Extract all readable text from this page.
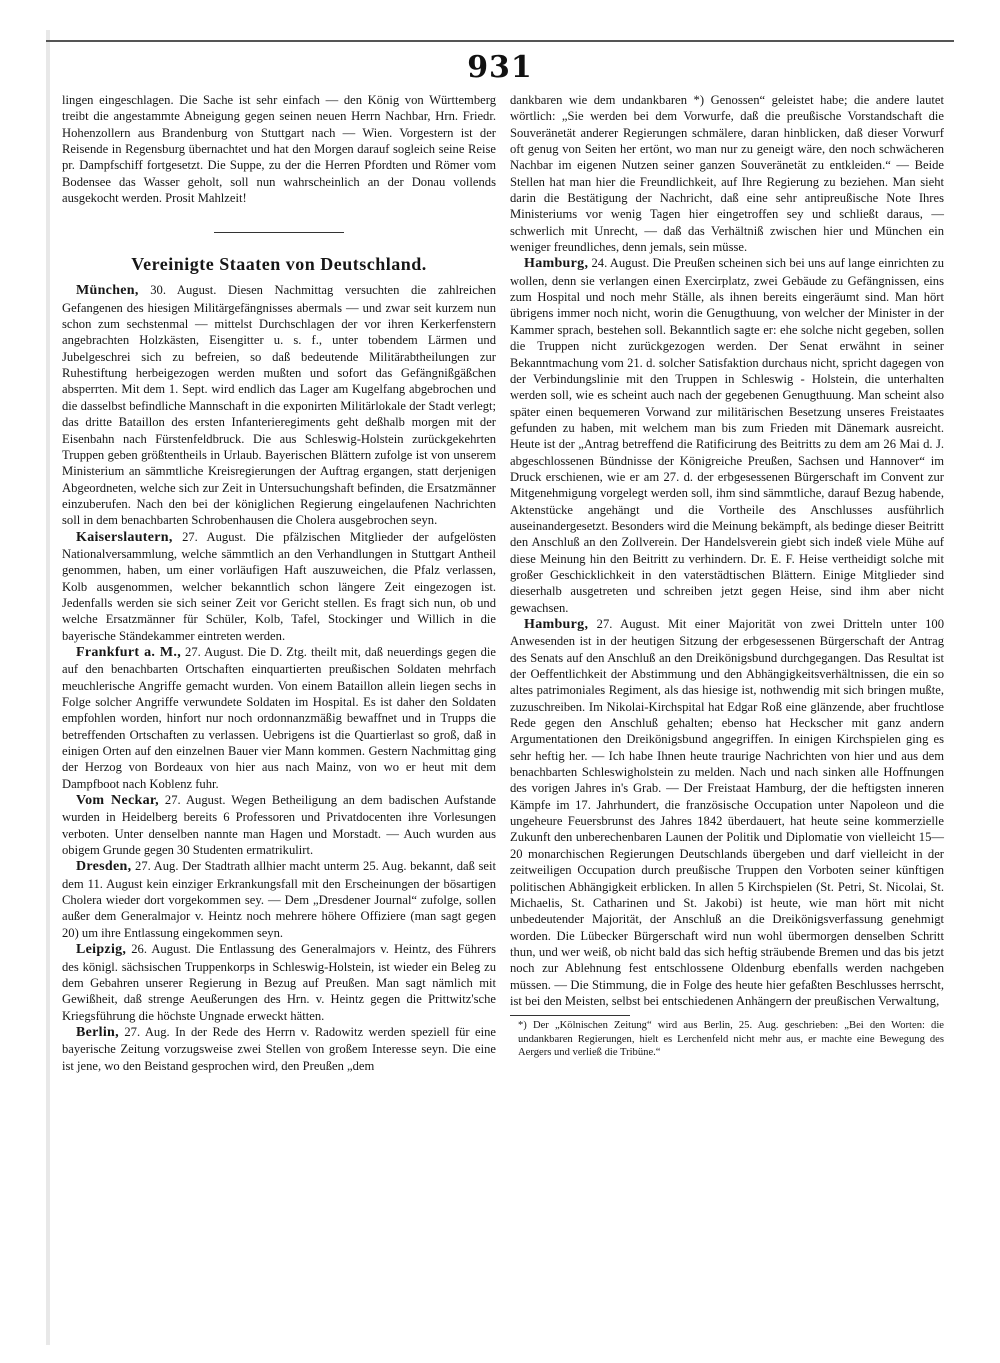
931

lingen eingeschlagen. Die Sache ist sehr einfach — den König von Württemberg treibt die angestammte Abneigung gegen seinen neuen Herrn Nachbar, Hrn. Friedr. Hohenzollern aus Brandenburg von Stuttgart nach — Wien. Vorgestern ist der Reisende in Regensburg übernachtet und hat den Morgen darauf sogleich seine Reise pr. Dampfschiff fortgesetzt. Die Suppe, zu der die Herren Pfordten und Römer vom Bodensee das Wasser geholt, soll nun wahrscheinlich an der Donau vollends ausgekocht werden. Prosit Mahlzeit!

Vereinigte Staaten von Deutschland.

München, 30. August. Diesen Nachmittag versuchten die zahlreichen Gefangenen des hiesigen Militärgefängnisses abermals — und zwar seit kurzem nun schon zum sechstenmal — mittelst Durchschlagen der vor ihren Kerkerfenstern angebrachten Holzkästen, Eisengitter u. s. f., unter tobendem Lärmen und Jubelgeschrei sich zu befreien, so daß bedeutende Militärabtheilungen zur Ruhestiftung herbeigezogen werden mußten und sofort das Gefängnißgäßchen absperrten. Mit dem 1. Sept. wird endlich das Lager am Kugelfang abgebrochen und die dasselbst befindliche Mannschaft in die exponirten Militärlokale der Stadt verlegt; das dritte Bataillon des ersten Infanterieregiments geht deßhalb morgen mit der Eisenbahn nach Fürstenfeldbruck. Die aus Schleswig-Holstein zurückgekehrten Truppen geben größtentheils in Urlaub. Bayerischen Blättern zufolge ist von unserem Ministerium an sämmtliche Kreisregierungen der Auftrag ergangen, statt derjenigen Abgeordneten, welche sich zur Zeit in Untersuchungshaft befinden, die Ersatzmänner einzuberufen. Nach den bei der königlichen Regierung eingelaufenen Nachrichten soll in dem benachbarten Schrobenhausen die Cholera ausgebrochen seyn.

Kaiserslautern, 27. August. Die pfälzischen Mitglieder der aufgelösten Nationalversammlung, welche sämmtlich an den Verhandlungen in Stuttgart Antheil genommen, haben, um einer vorläufigen Haft auszuweichen, die Pfalz verlassen, Kolb ausgenommen, welcher bekanntlich schon längere Zeit eingezogen ist. Jedenfalls werden sie sich seiner Zeit vor Gericht stellen. Es fragt sich nun, ob und welche Ersatzmänner für Schüler, Kolb, Tafel, Stockinger und Willich in die bayerische Ständekammer eintreten werden.

Frankfurt a. M., 27. August. Die D. Ztg. theilt mit, daß neuerdings gegen die auf den benachbarten Ortschaften einquartierten preußischen Soldaten mehrfach meuchlerische Angriffe gemacht wurden. Von einem Bataillon allein liegen sechs in Folge solcher Angriffe verwundete Soldaten im Hospital. Es ist daher den Soldaten empfohlen worden, hinfort nur noch ordonnanzmäßig bewaffnet und in Trupps die betreffenden Ortschaften zu verlassen. Uebrigens ist die Quartierlast so groß, daß in einigen Orten auf den einzelnen Bauer vier Mann kommen. Gestern Nachmittag ging der Herzog von Bordeaux von hier aus nach Mainz, von wo er heut mit dem Dampfboot nach Koblenz fuhr.

Vom Neckar, 27. August. Wegen Betheiligung an dem badischen Aufstande wurden in Heidelberg bereits 6 Professoren und Privatdocenten ihre Vorlesungen verboten. Unter denselben nannte man Hagen und Morstadt. — Auch wurden aus obigem Grunde gegen 30 Studenten ermatrikulirt.

Dresden, 27. Aug. Der Stadtrath allhier macht unterm 25. Aug. bekannt, daß seit dem 11. August kein einziger Erkrankungsfall mit den Erscheinungen der bösartigen Cholera wieder dort vorgekommen sey. — Dem „Dresdener Journal“ zufolge, sollen außer dem Generalmajor v. Heintz noch mehrere höhere Offiziere (man sagt gegen 20) um ihre Entlassung eingekommen seyn.

Leipzig, 26. August. Die Entlassung des Generalmajors v. Heintz, des Führers des königl. sächsischen Truppenkorps in Schleswig-Holstein, ist wieder ein Beleg zu dem Gebahren unserer Regierung in Bezug auf Preußen. Man sagt nämlich mit Gewißheit, daß strenge Aeußerungen des Hrn. v. Heintz gegen die Prittwitz'sche Kriegsführung die höchste Ungnade erweckt hätten.

Berlin, 27. Aug. In der Rede des Herrn v. Radowitz werden speziell für eine bayerische Zeitung vorzugsweise zwei Stellen von großem Interesse seyn. Die eine ist jene, wo den Beistand gesprochen wird, den Preußen „dem

dankbaren wie dem undankbaren *) Genossen“ geleistet habe; die andere lautet wörtlich: „Sie werden bei dem Vorwurfe, daß die preußische Vorstandschaft die Souveränetät anderer Regierungen schmälere, daran hinblicken, daß dieser Vorwurf oft genug von Seiten her ertönt, wo man nur zu geneigt wäre, den noch schwächeren Nachbar im eigenen Nutzen seiner ganzen Souveränetät zu entkleiden.“ — Beide Stellen hat man hier die Freundlichkeit, auf Ihre Regierung zu beziehen. Man sieht darin die Bestätigung der Nachricht, daß eine sehr antipreußische Note Ihres Ministeriums vor wenig Tagen hier eingetroffen sey und schließt daraus, — schwerlich mit Unrecht, — daß das Verhältniß zwischen hier und München ein weniger freundliches, denn jemals, sein müsse.

Hamburg, 24. August. Die Preußen scheinen sich bei uns auf lange einrichten zu wollen, denn sie verlangen einen Exercirplatz, zwei Gebäude zu Gefängnissen, eins zum Hospital und noch mehr Ställe, als ihnen bereits eingeräumt sind. Man hört übrigens immer noch nicht, worin die Genugthuung, von welcher der Minister in der Kammer sprach, bestehen soll. Bekanntlich sagte er: ehe solche nicht gegeben, sollen die Truppen nicht zurückgezogen werden. Der Senat erwähnt in seiner Bekanntmachung vom 21. d. solcher Satisfaktion durchaus nicht, spricht dagegen von der Verbindungslinie mit den Truppen in Schleswig - Holstein, die unterhalten werden soll, wie es scheint auch nach der gegebenen Genugthuung. Man scheint also später einen bequemeren Vorwand zur militärischen Besetzung unseres Freistaates gefunden zu haben, mit welchem man bis zum Frieden mit Dänemark ausreicht. Heute ist der „Antrag betreffend die Ratificirung des Beitritts zu dem am 26 Mai d. J. abgeschlossenen Bündnisse der Königreiche Preußen, Sachsen und Hannover“ im Druck erschienen, wie er am 27. d. der erbgesessenen Bürgerschaft im Convent zur Mitgenehmigung vorgelegt werden soll, ihm sind sämmtliche, darauf Bezug habende, Aktenstücke angehängt und die Vortheile des Anschlusses ausführlich auseinandergesetzt. Besonders wird die Meinung bekämpft, als bedinge dieser Beitritt den Anschluß an den Zollverein. Der Handelsverein giebt sich indeß viele Mühe auf diese Meinung hin den Beitritt zu verhindern. Dr. E. F. Heise vertheidigt solche mit großer Geschicklichkeit in den vaterstädtischen Blättern. Einige Mitglieder sind dieserhalb ausgetreten und schreiben jetzt gegen Heise, sind ihm aber nicht gewachsen.

Hamburg, 27. August. Mit einer Majorität von zwei Dritteln unter 100 Anwesenden ist in der heutigen Sitzung der erbgesessenen Bürgerschaft der Antrag des Senats auf den Anschluß an den Dreikönigsbund durchgegangen. Das Resultat ist der Oeffentlichkeit der Abstimmung und den Abhängigkeitsverhältnissen, die ein so altes patrimoniales Regiment, als das hiesige ist, nothwendig mit sich bringen mußte, zuzuschreiben. Im Nikolai-Kirchspital hat Edgar Roß eine glänzende, aber fruchtlose Rede gegen den Anschluß gehalten; ebenso hat Heckscher mit ganz andern Argumentationen den Dreikönigsbund angegriffen. In einigen Kirchspielen ging es sehr heftig her. — Ich habe Ihnen heute traurige Nachrichten von hier und aus dem benachbarten Schleswigholstein zu melden. Nach und nach sinken alle Hoffnungen des vorigen Jahres in's Grab. — Der Freistaat Hamburg, der die heftigsten inneren Kämpfe im 17. Jahrhundert, die französische Occupation unter Napoleon und die ungeheure Feuersbrunst des Jahres 1842 überdauert, hat heute seine kommerzielle Zukunft den unberechenbaren Launen der Politik und Diplomatie von vielleicht 15—20 monarchischen Regierungen Deutschlands übergeben und darf vielleicht in der zeitweiligen Occupation durch preußische Truppen den Vorboten seiner künftigen politischen Abhängigkeit erblicken. In allen 5 Kirchspielen (St. Petri, St. Nicolai, St. Michaelis, St. Catharinen und St. Jakobi) ist heute, wie man hört mit nicht unbedeutender Majorität, der Anschluß an die Dreikönigsverfassung genehmigt worden. Die Lübecker Bürgerschaft wird nun wohl übermorgen denselben Schritt thun, und wer weiß, ob nicht bald das sich heftig sträubende Bremen und das bis jetzt noch zur Ablehnung fest entschlossene Oldenburg ebenfalls werden nachgeben müssen. — Die Stimmung, die in Folge des heute hier gefaßten Beschlusses herrscht, ist bei den Meisten, selbst bei entschiedenen Anhängern der preußischen Verwaltung,

*) Der „Kölnischen Zeitung“ wird aus Berlin, 25. Aug. geschrieben: „Bei den Worten: die undankbaren Regierungen, hielt es Lerchenfeld nicht mehr aus, er machte eine Bewegung des Aergers und verließ die Tribüne.“
